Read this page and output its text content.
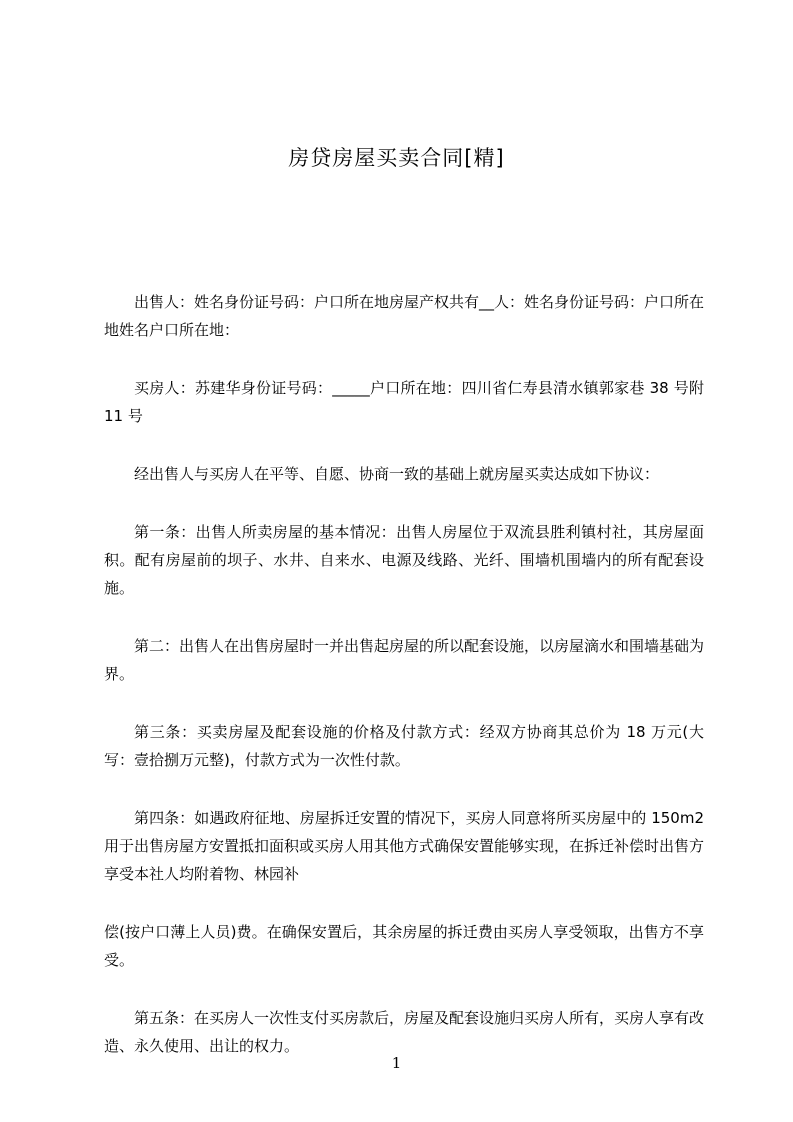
房贷房屋买卖合同[精]

出售人：姓名身份证号码：户口所在地房屋产权共有__人：姓名身份证号码：户口所在地姓名户口所在地：

买房人：苏建华身份证号码：_____户口所在地：四川省仁寿县清水镇郭家巷 38 号附 11 号

经出售人与买房人在平等、自愿、协商一致的基础上就房屋买卖达成如下协议：

第一条：出售人所卖房屋的基本情况：出售人房屋位于双流县胜利镇村社，其房屋面积。配有房屋前的坝子、水井、自来水、电源及线路、光纤、围墙机围墙内的所有配套设施。

第二：出售人在出售房屋时一并出售起房屋的所以配套设施，以房屋滴水和围墙基础为界。

第三条：买卖房屋及配套设施的价格及付款方式：经双方协商其总价为 18 万元(大写：壹拾捌万元整)，付款方式为一次性付款。

第四条：如遇政府征地、房屋拆迁安置的情况下，买房人同意将所买房屋中的 150m2 用于出售房屋方安置抵扣面积或买房人用其他方式确保安置能够实现，在拆迁补偿时出售方享受本社人均附着物、林园补

偿(按户口薄上人员)费。在确保安置后，其余房屋的拆迁费由买房人享受领取，出售方不享受。

第五条：在买房人一次性支付买房款后，房屋及配套设施归买房人所有，买房人享有改造、永久使用、出让的权力。

1
